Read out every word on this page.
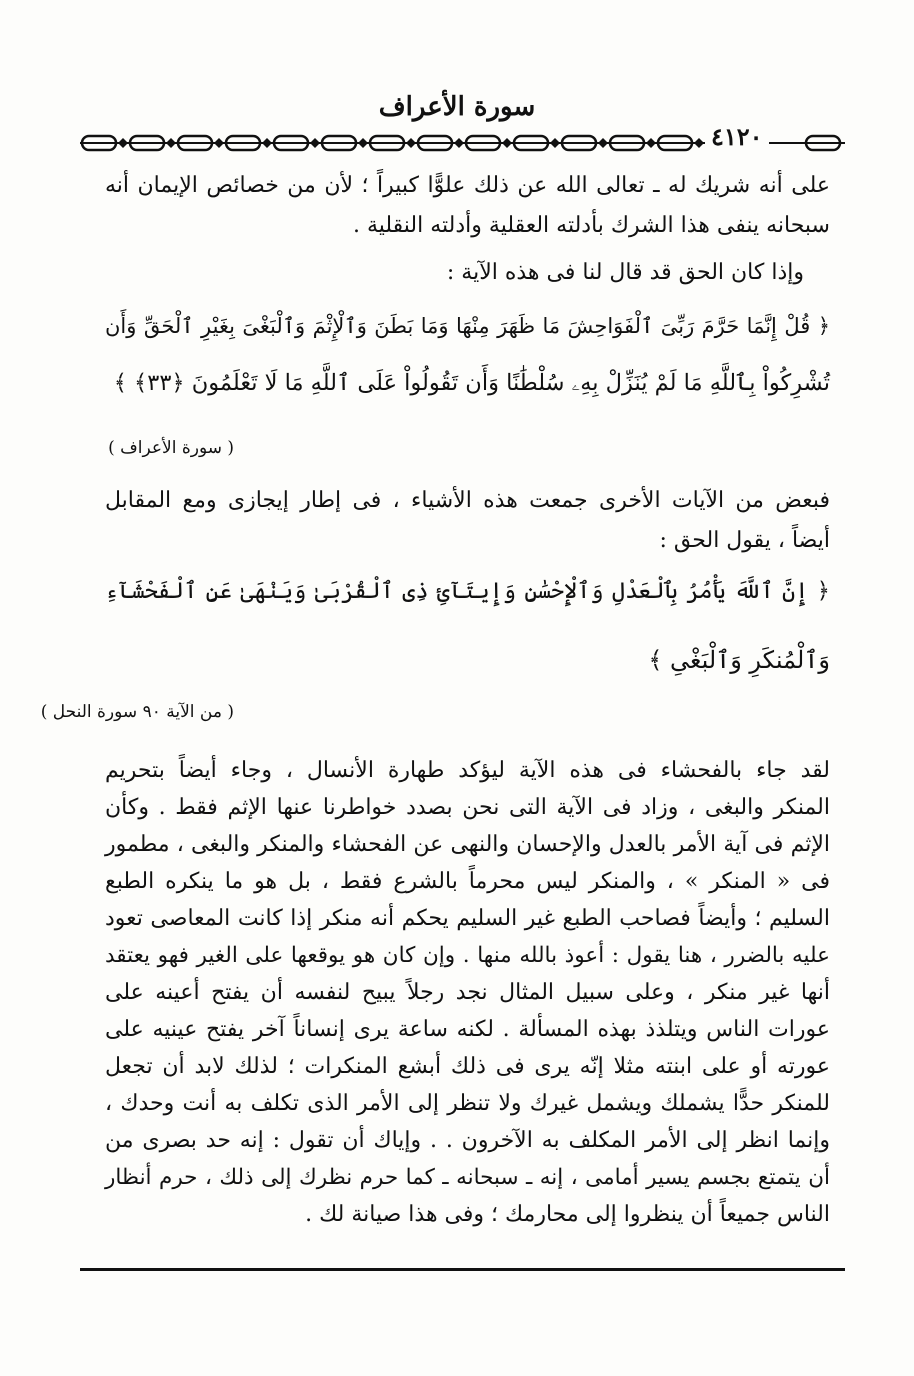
سورة الأعراف
٤١٢٠
على أنه شريك له ـ تعالى الله عن ذلك علوًّا كبيراً ؛ لأن من خصائص الإيمان أنه
سبحانه ينفى هذا الشرك بأدلته العقلية وأدلته النقلية .
وإذا كان الحق قد قال لنا فى هذه الآية :
﴿ قُلْ إِنَّمَا حَرَّمَ رَبِّىَ ٱلْفَوَاحِشَ مَا ظَهَرَ مِنْهَا وَمَا بَطَنَ وَٱلْإِثْمَ وَٱلْبَغْىَ بِغَيْرِ ٱلْحَقِّ وَأَن
تُشْرِكُواْ بِٱللَّهِ مَا لَمْ يُنَزِّلْ بِهِۦ سُلْطَٰنًا وَأَن تَقُولُواْ عَلَى ٱللَّهِ مَا لَا تَعْلَمُونَ ﴿٣٣﴾ ﴾
( سورة الأعراف )
فبعض من الآيات الأخرى جمعت هذه الأشياء ، فى إطار إيجازى ومع المقابل
أيضاً ، يقول الحق :
﴿ إِنَّ ٱللَّهَ يَأْمُرُ بِٱلْعَدْلِ وَٱلْإِحْسَٰنِ وَإِيتَآئِ ذِى ٱلْقُرْبَىٰ وَيَنْهَىٰ عَنِ ٱلْفَحْشَآءِ
وَٱلْمُنكَرِ وَٱلْبَغْىِ ﴾
( من الآية ٩٠ سورة النحل )
لقد جاء بالفحشاء فى هذه الآية ليؤكد طهارة الأنسال ، وجاء أيضاً بتحريم
المنكر والبغى ، وزاد فى الآية التى نحن بصدد خواطرنا عنها الإثم فقط . وكأن
الإثم فى آية الأمر بالعدل والإحسان والنهى عن الفحشاء والمنكر والبغى ، مطمور
فى « المنكر » ، والمنكر ليس محرماً بالشرع فقط ، بل هو ما ينكره الطبع
السليم ؛ وأيضاً فصاحب الطبع غير السليم يحكم أنه منكر إذا كانت المعاصى تعود
عليه بالضرر ، هنا يقول : أعوذ بالله منها . وإن كان هو يوقعها على الغير فهو يعتقد
أنها غير منكر ، وعلى سبيل المثال نجد رجلاً يبيح لنفسه أن يفتح أعينه على
عورات الناس ويتلذذ بهذه المسألة . لكنه ساعة يرى إنساناً آخر يفتح عينيه على
عورته أو على ابنته مثلا إنّه يرى فى ذلك أبشع المنكرات ؛ لذلك لابد أن تجعل
للمنكر حدًّا يشملك ويشمل غيرك ولا تنظر إلى الأمر الذى تكلف به أنت وحدك ،
وإنما انظر إلى الأمر المكلف به الآخرون . . وإياك أن تقول : إنه حد بصرى من
أن يتمتع بجسم يسير أمامى ، إنه ـ سبحانه ـ كما حرم نظرك إلى ذلك ، حرم أنظار
الناس جميعاً أن ينظروا إلى محارمك ؛ وفى هذا صيانة لك .
